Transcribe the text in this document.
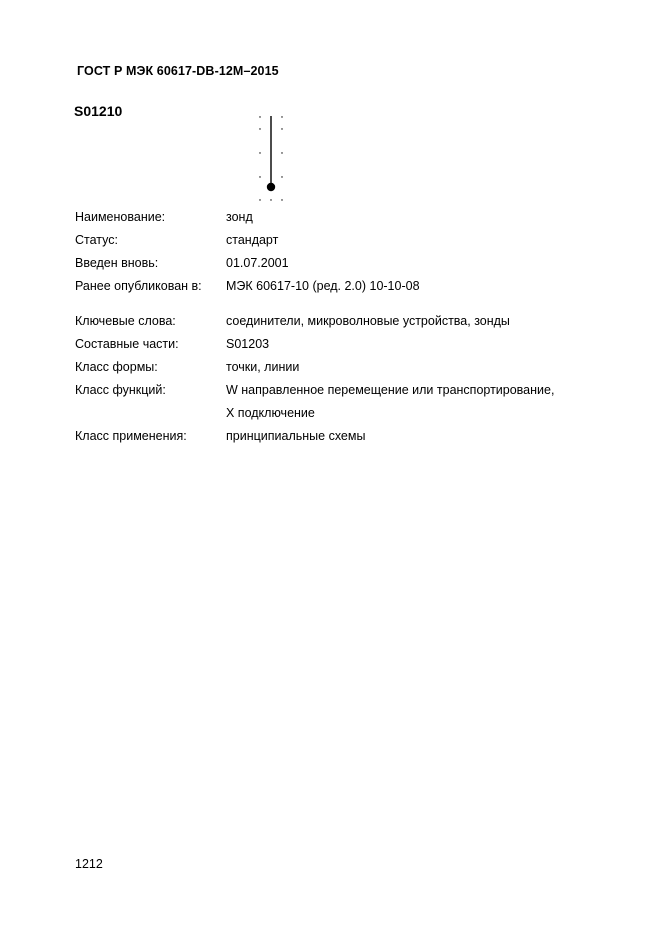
ГОСТ Р МЭК 60617-DB-12М–2015
S01210
Наименование:	зонд
Статус:	стандарт
Введен вновь:	01.07.2001
Ранее опубликован в:	МЭК 60617-10 (ред. 2.0) 10-10-08
Ключевые слова:	соединители, микроволновые устройства, зонды
Составные части:	S01203
Класс формы:	точки, линии
Класс функций:	W направленное перемещение или транспортирование,
X подключение
Класс применения:	принципиальные схемы
1212
